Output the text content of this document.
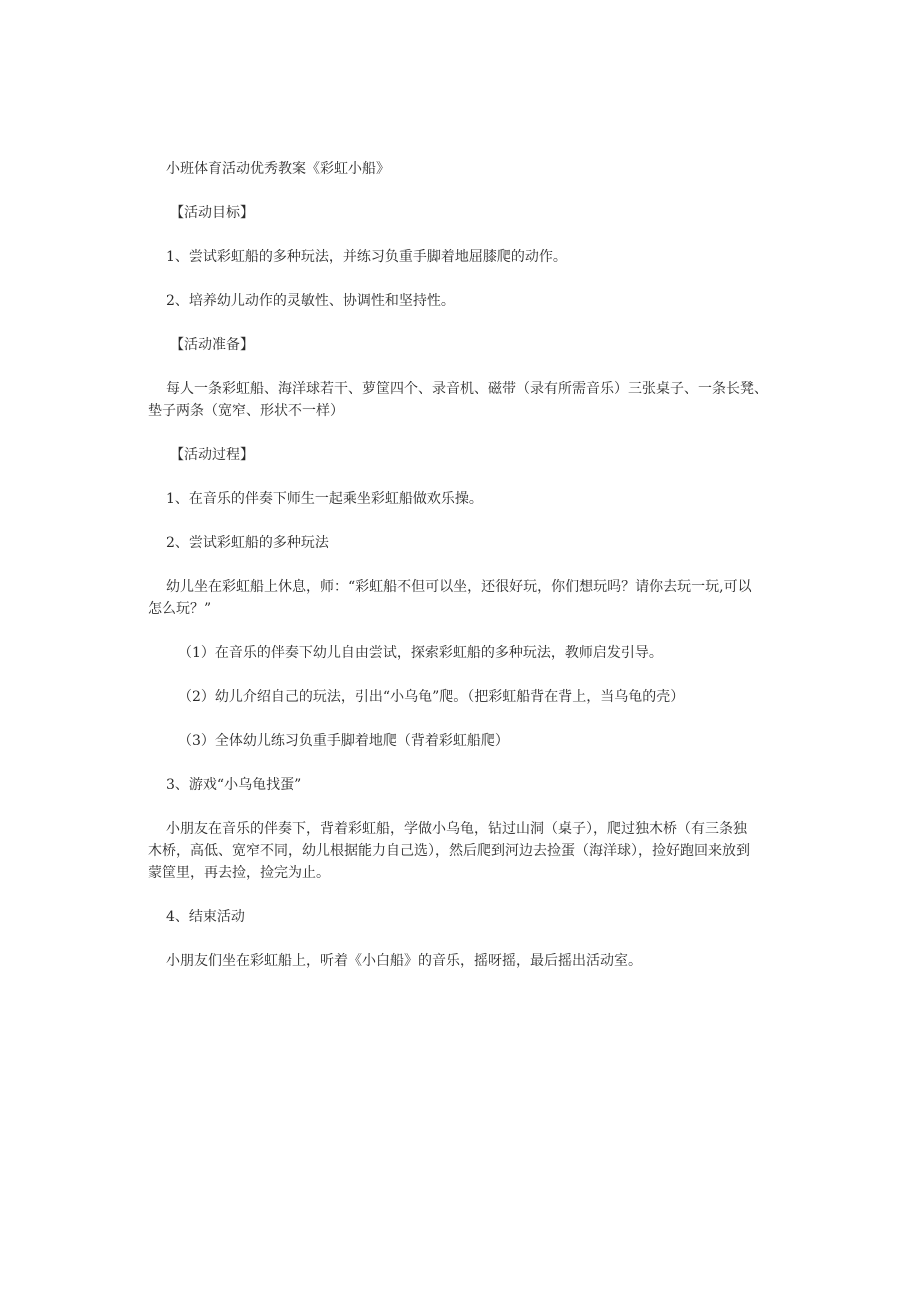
小班体育活动优秀教案《彩虹小船》

【活动目标】

1、尝试彩虹船的多种玩法，并练习负重手脚着地屈膝爬的动作。

2、培养幼儿动作的灵敏性、协调性和坚持性。

【活动准备】

每人一条彩虹船、海洋球若干、萝筐四个、录音机、磁带（录有所需音乐）三张桌子、一条长凳、

垫子两条（宽窄、形状不一样）

【活动过程】

1、在音乐的伴奏下师生一起乘坐彩虹船做欢乐操。

2、尝试彩虹船的多种玩法

幼儿坐在彩虹船上休息，师：“彩虹船不但可以坐，还很好玩，你们想玩吗？请你去玩一玩,可以

怎么玩？”

（1）在音乐的伴奏下幼儿自由尝试，探索彩虹船的多种玩法，教师启发引导。

（2）幼儿介绍自己的玩法，引出“小乌龟”爬。（把彩虹船背在背上，当乌龟的壳）

（3）全体幼儿练习负重手脚着地爬（背着彩虹船爬）

3、游戏“小乌龟找蛋”

小朋友在音乐的伴奏下，背着彩虹船，学做小乌龟，钻过山洞（桌子），爬过独木桥（有三条独

木桥，高低、宽窄不同，幼儿根据能力自己选），然后爬到河边去捡蛋（海洋球），捡好跑回来放到

蒙筐里，再去捡，捡完为止。

4、结束活动

小朋友们坐在彩虹船上，听着《小白船》的音乐，摇呀摇，最后摇出活动室。
